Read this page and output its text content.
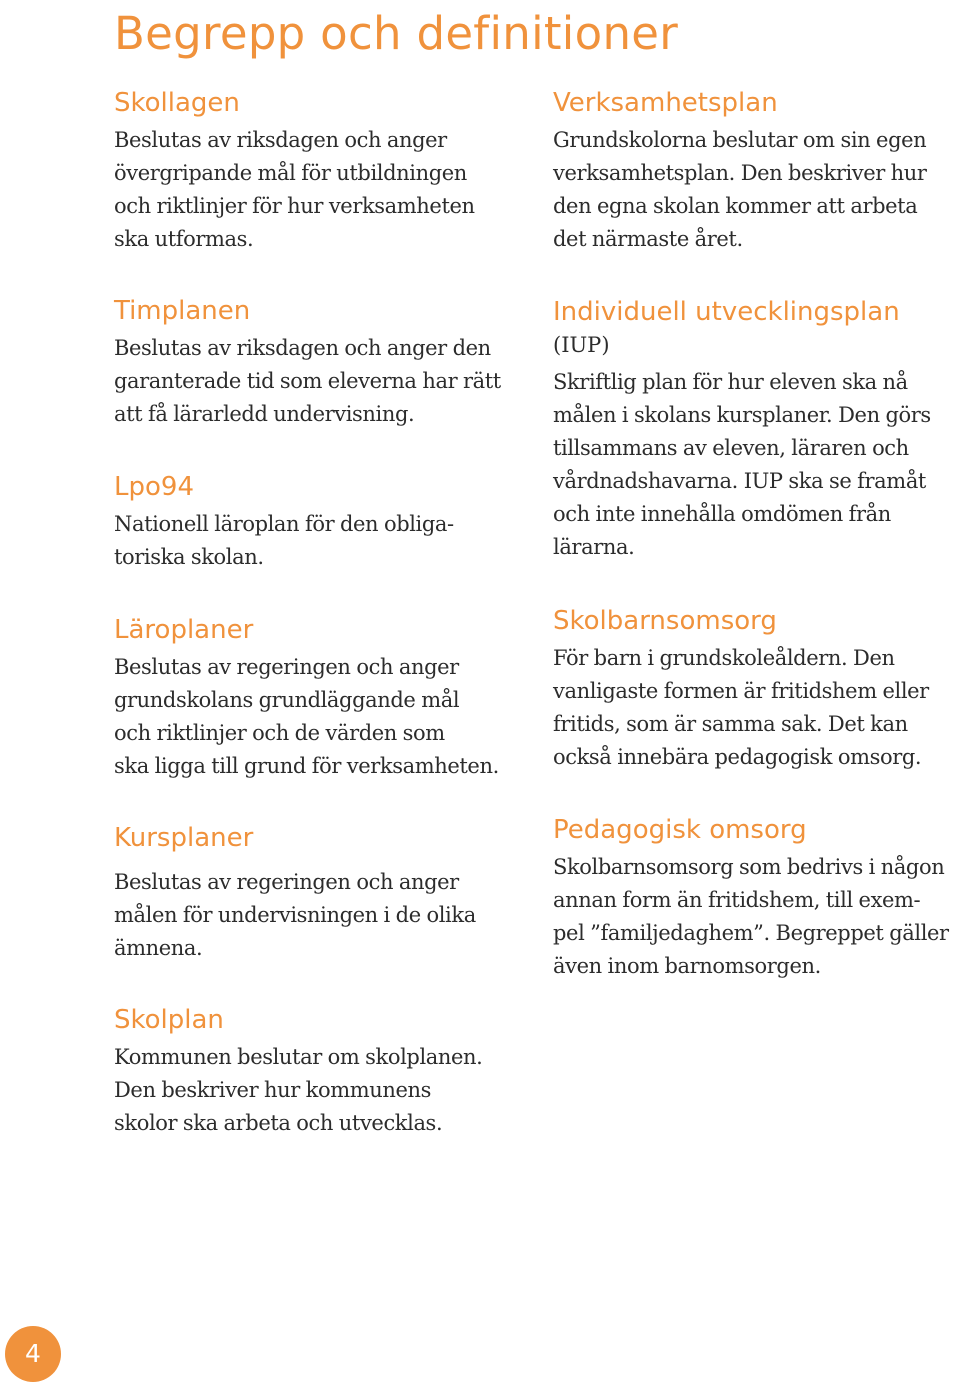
Begrepp och definitioner
Skollagen

Beslutas av riksdagen och anger
övergripande mål för utbildningen
och riktlinjer för hur verksamheten
ska utformas.

Timplanen

Beslutas av riksdagen och anger den
garanterade tid som eleverna har rätt
att få lärarledd undervisning.

Lpo94

Nationell läroplan för den obliga-
toriska skolan.

Läroplaner

Beslutas av regeringen och anger
grundskolans grundläggande mål
och riktlinjer och de värden som
ska ligga till grund för verksamheten.

Kursplaner

Beslutas av regeringen och anger
målen för undervisningen i de olika
ämnena.

Skolplan

Kommunen beslutar om skolplanen.
Den beskriver hur kommunens
skolor ska arbeta och utvecklas.

Verksamhetsplan

Grundskolorna beslutar om sin egen
verksamhetsplan. Den beskriver hur
den egna skolan kommer att arbeta
det närmaste året.

Individuell utvecklingsplan

(IUP)

Skriftlig plan för hur eleven ska nå
målen i skolans kursplaner. Den görs
tillsammans av eleven, läraren och
vårdnadshavarna. IUP ska se framåt
och inte innehålla omdömen från
lärarna.

Skolbarnsomsorg

För barn i grundskoleåldern. Den
vanligaste formen är fritidshem eller
fritids, som är samma sak. Det kan
också innebära pedagogisk omsorg.

Pedagogisk omsorg

Skolbarnsomsorg som bedrivs i någon
annan form än fritidshem, till exem-
pel ”familjedaghem”. Begreppet gäller
även inom barnomsorgen.

4
